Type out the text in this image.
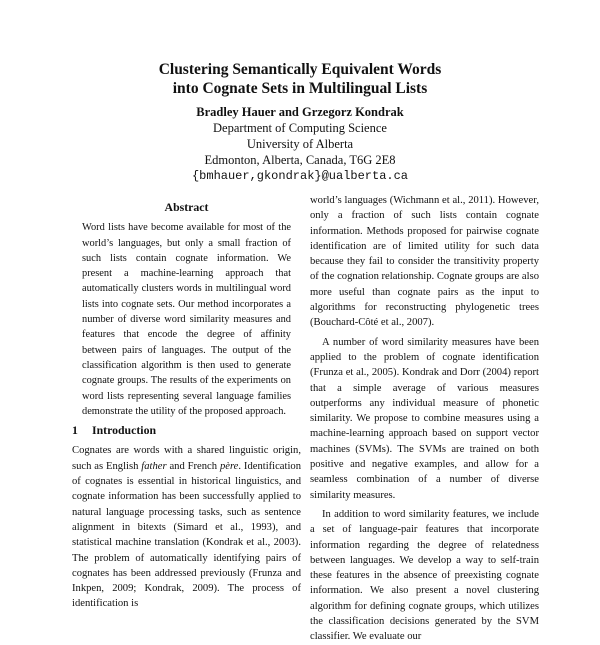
Clustering Semantically Equivalent Words
into Cognate Sets in Multilingual Lists
Bradley Hauer and Grzegorz Kondrak
Department of Computing Science
University of Alberta
Edmonton, Alberta, Canada, T6G 2E8
{bmhauer,gkondrak}@ualberta.ca
Abstract

Word lists have become available for most of the world’s languages, but only a small fraction of such lists contain cognate information. We present a machine-learning approach that automatically clusters words in multilingual word lists into cognate sets. Our method incorporates a number of diverse word similarity measures and features that encode the degree of affinity between pairs of languages. The output of the classification algorithm is then used to generate cognate groups. The results of the experiments on word lists representing several language families demonstrate the utility of the proposed approach.

1 Introduction

Cognates are words with a shared linguistic origin, such as English father and French père. Identification of cognates is essential in historical linguistics, and cognate information has been successfully applied to natural language processing tasks, such as sentence alignment in bitexts (Simard et al., 1993), and statistical machine translation (Kondrak et al., 2003). The problem of automatically identifying pairs of cognates has been addressed previously (Frunza and Inkpen, 2009; Kondrak, 2009). The process of identification is

world’s languages (Wichmann et al., 2011). However, only a fraction of such lists contain cognate information. Methods proposed for pairwise cognate identification are of limited utility for such data because they fail to consider the transitivity property of the cognation relationship. Cognate groups are also more useful than cognate pairs as the input to algorithms for reconstructing phylogenetic trees (Bouchard-Côté et al., 2007).

A number of word similarity measures have been applied to the problem of cognate identification (Frunza et al., 2005). Kondrak and Dorr (2004) report that a simple average of various measures outperforms any individual measure of phonetic similarity. We propose to combine measures using a machine-learning approach based on support vector machines (SVMs). The SVMs are trained on both positive and negative examples, and allow for a seamless combination of a number of diverse similarity measures.

In addition to word similarity features, we include a set of language-pair features that incorporate information regarding the degree of relatedness between languages. We develop a way to self-train these features in the absence of preexisting cognate information. We also present a novel clustering algorithm for defining cognate groups, which utilizes the classification decisions generated by the SVM classifier. We evaluate our
